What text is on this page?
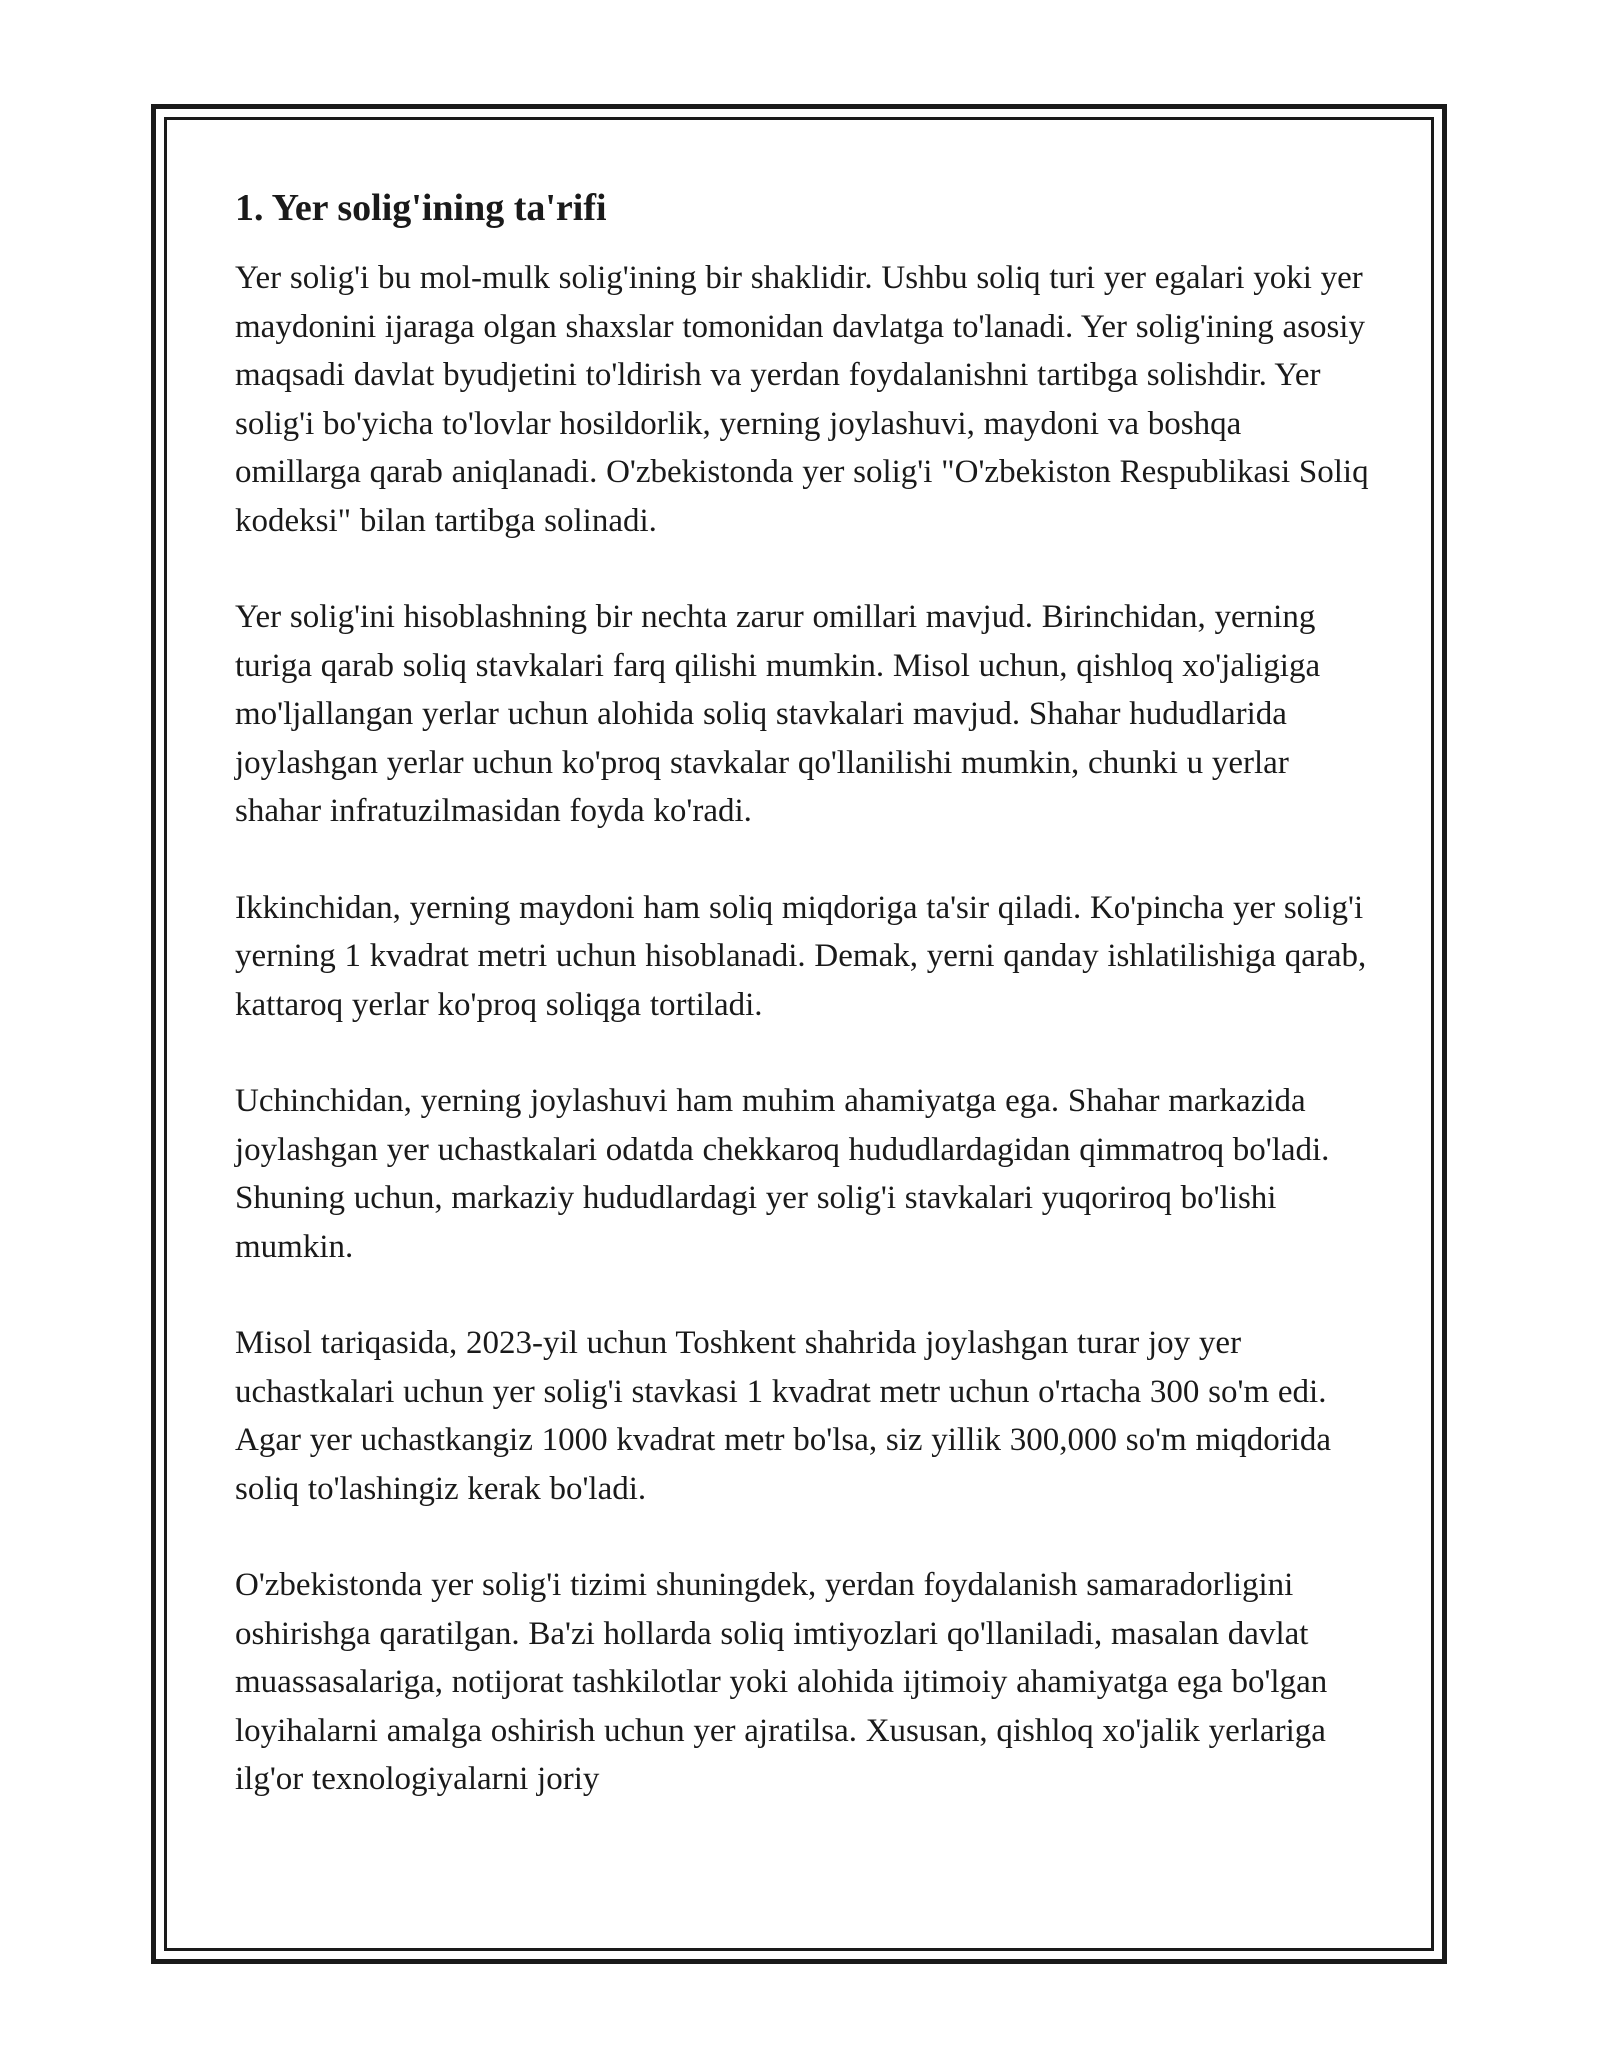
1. Yer solig'ining ta'rifi

Yer solig'i bu mol-mulk solig'ining bir shaklidir. Ushbu soliq turi yer egalari yoki yer maydonini ijaraga olgan shaxslar tomonidan davlatga to'lanadi. Yer solig'ining asosiy maqsadi davlat byudjetini to'ldirish va yerdan foydalanishni tartibga solishdir. Yer solig'i bo'yicha to'lovlar hosildorlik, yerning joylashuvi, maydoni va boshqa omillarga qarab aniqlanadi. O'zbekistonda yer solig'i "O'zbekiston Respublikasi Soliq kodeksi" bilan tartibga solinadi.

Yer solig'ini hisoblashning bir nechta zarur omillari mavjud. Birinchidan, yerning turiga qarab soliq stavkalari farq qilishi mumkin. Misol uchun, qishloq xo'jaligiga mo'ljallangan yerlar uchun alohida soliq stavkalari mavjud. Shahar hududlarida joylashgan yerlar uchun ko'proq stavkalar qo'llanilishi mumkin, chunki u yerlar shahar infratuzilmasidan foyda ko'radi.

Ikkinchidan, yerning maydoni ham soliq miqdoriga ta'sir qiladi. Ko'pincha yer solig'i yerning 1 kvadrat metri uchun hisoblanadi. Demak, yerni qanday ishlatilishiga qarab, kattaroq yerlar ko'proq soliqga tortiladi.

Uchinchidan, yerning joylashuvi ham muhim ahamiyatga ega. Shahar markazida joylashgan yer uchastkalari odatda chekkaroq hududlardagidan qimmatroq bo'ladi. Shuning uchun, markaziy hududlardagi yer solig'i stavkalari yuqoriroq bo'lishi mumkin.

Misol tariqasida, 2023-yil uchun Toshkent shahrida joylashgan turar joy yer uchastkalari uchun yer solig'i stavkasi 1 kvadrat metr uchun o'rtacha 300 so'm edi. Agar yer uchastkangiz 1000 kvadrat metr bo'lsa, siz yillik 300,000 so'm miqdorida soliq to'lashingiz kerak bo'ladi.

O'zbekistonda yer solig'i tizimi shuningdek, yerdan foydalanish samaradorligini oshirishga qaratilgan. Ba'zi hollarda soliq imtiyozlari qo'llaniladi, masalan davlat muassasalariga, notijorat tashkilotlar yoki alohida ijtimoiy ahamiyatga ega bo'lgan loyihalarni amalga oshirish uchun yer ajratilsa. Xususan, qishloq xo'jalik yerlariga ilg'or texnologiyalarni joriy
